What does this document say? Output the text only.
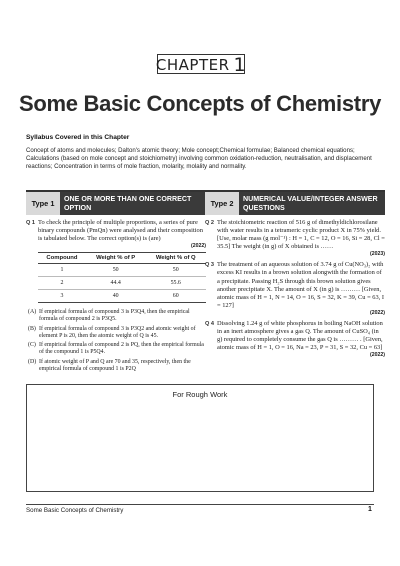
CHAPTER 1
Some Basic Concepts of Chemistry
Syllabus Covered in this Chapter
Concept of atoms and molecules; Dalton's atomic theory; Mole concept;Chemical formulae; Balanced chemical equations; Calculations (based on mole concept and stoichiometry) involving common oxidation-reduction, neutralisation, and displacement reactions; Concentration in terms of mole fraction, molarity, molality and normality.
Type 1	ONE OR MORE THAN ONE CORRECT OPTION
Q 1 To check the principle of multiple proportions, a series of pure binary compounds (PmQn) were analysed and their composition is tabulated below. The correct option(s) is (are)
(2022)
Compound	Weight % of P	Weight % of Q
1	50	50
2	44.4	55.6
3	40	60
(A) If empirical formula of compound 3 is P3Q4, then the empirical formula of compound 2 is P3Q5.
(B) If empirical formula of compound 3 is P3Q2 and atomic weight of element P is 20, then the atomic weight of Q is 45.
(C) If empirical formula of compound 2 is PQ, then the empirical formula of the compound 1 is P5Q4.
(D) If atomic weight of P and Q are 70 and 35, respectively, then the empirical formula of compound 1 is P2Q
Type 2	NUMERICAL VALUE/INTEGER ANSWER QUESTIONS
Q 2 The stoichiometric reaction of 516 g of dimethyldichlorosilane with water results in a tetrameric cyclic product X in 75% yield. [Use, molar mass (g mol⁻¹) : H = 1, C = 12, O = 16, Si = 28, Cl = 35.5] The weight (in g) of X obtained is ……
(2023)
Q 3 The treatment of an aqueous solution of 3.74 g of Cu(NO₃)₂ with excess KI results in a brown solution alongwith the formation of a precipitate. Passing H₂S through this brown solution gives another precipitate X. The amount of X (in g) is ……… [Given, atomic mass of H = 1, N = 14, O = 16, S = 32, K = 39, Cu = 63, I = 127]
(2022)
Q 4 Dissolving 1.24 g of white phosphorus in boiling NaOH solution in an inert atmosphere gives a gas Q. The amount of CuSO₄ (in g) required to completely consume the gas Q is ……… . [Given, atomic mass of H = 1, O = 16, Na = 23, P = 31, S = 32, Cu = 63]
(2022)
For Rough Work
Some Basic Concepts of Chemistry	1
